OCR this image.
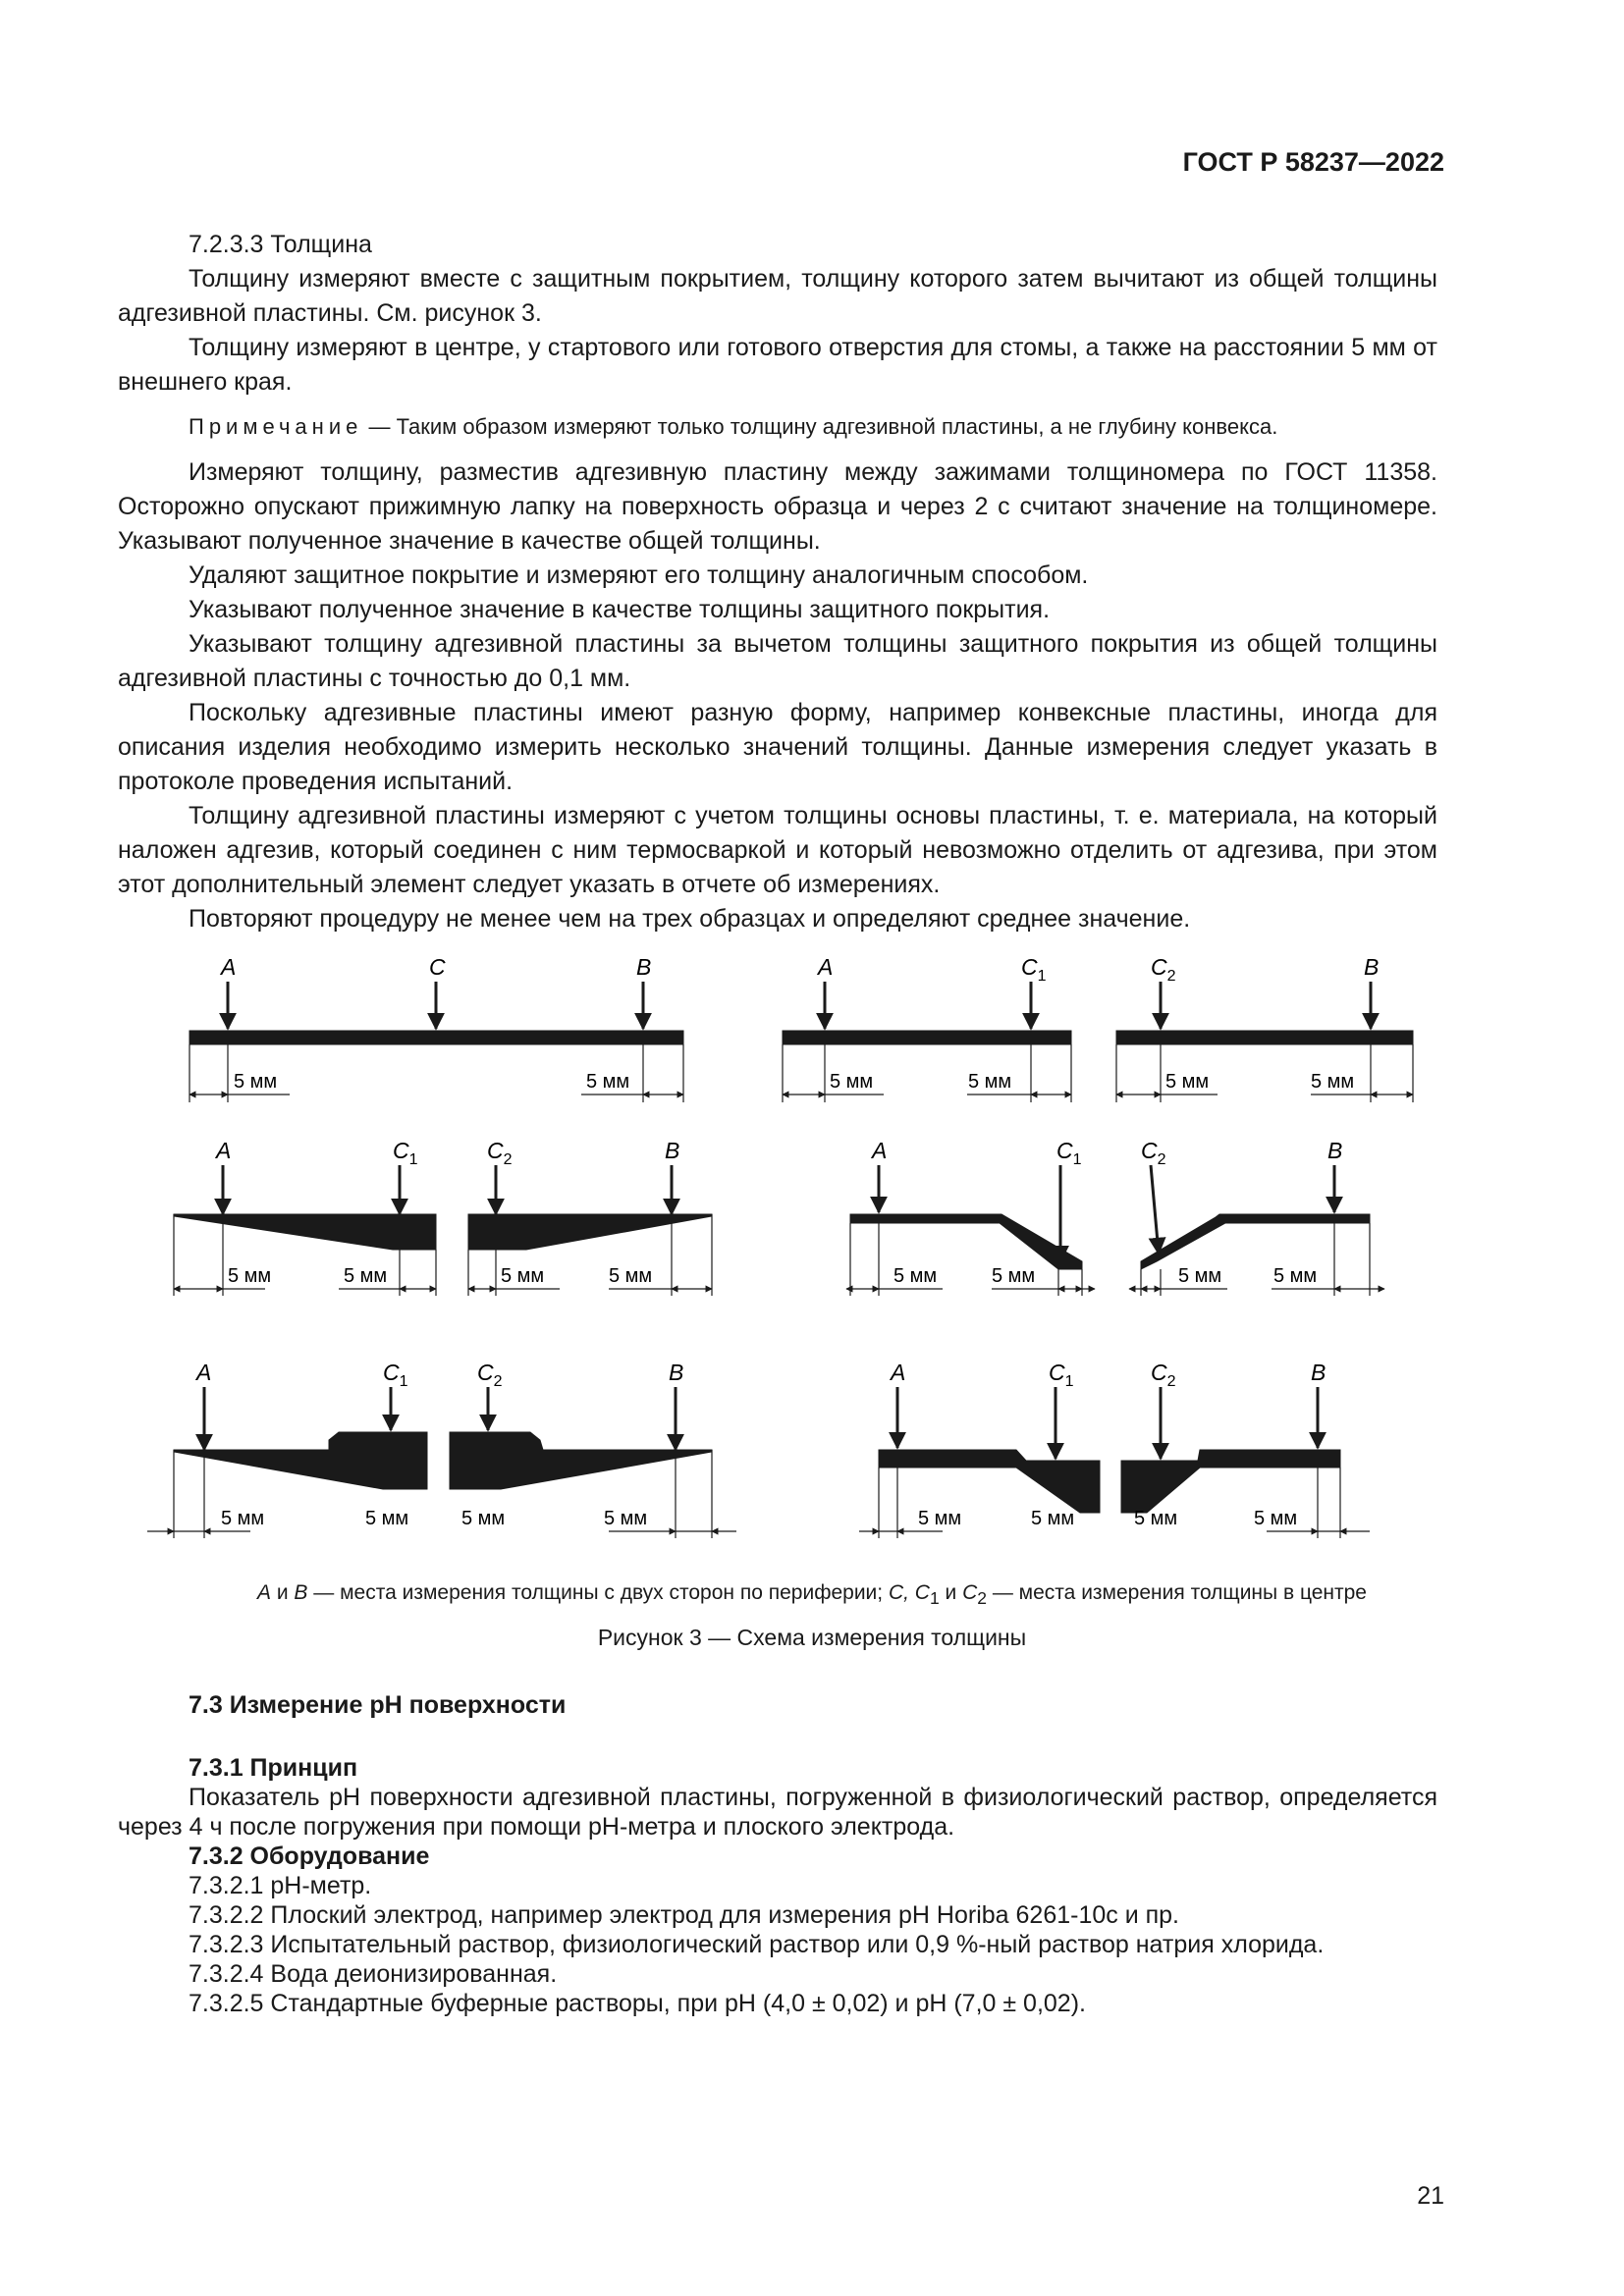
ГОСТ Р 58237—2022

7.2.3.3 Толщина

Толщину измеряют вместе с защитным покрытием, толщину которого затем вычитают из общей толщины адгезивной пластины. См. рисунок 3.

Толщину измеряют в центре, у стартового или готового отверстия для стомы, а также на расстоянии 5 мм от внешнего края.

Примечание — Таким образом измеряют только толщину адгезивной пластины, а не глубину конвекса.

Измеряют толщину, разместив адгезивную пластину между зажимами толщиномера по ГОСТ 11358. Осторожно опускают прижимную лапку на поверхность образца и через 2 с считают значение на толщиномере. Указывают полученное значение в качестве общей толщины.

Удаляют защитное покрытие и измеряют его толщину аналогичным способом.

Указывают полученное значение в качестве толщины защитного покрытия.

Указывают толщину адгезивной пластины за вычетом толщины защитного покрытия из общей толщины адгезивной пластины с точностью до 0,1 мм.

Поскольку адгезивные пластины имеют разную форму, например конвексные пластины, иногда для описания изделия необходимо измерить несколько значений толщины. Данные измерения следует указать в протоколе проведения испытаний.

Толщину адгезивной пластины измеряют с учетом толщины основы пластины, т. е. материала, на который наложен адгезив, который соединен с ним термосваркой и который невозможно отделить от адгезива, при этом этот дополнительный элемент следует указать в отчете об измерениях.

Повторяют процедуру не менее чем на трех образцах и определяют среднее значение.

A	C	B
5 мм	5 мм
A	$C_1$	$C_2$	B
5 мм	5 мм	5 мм	5 мм
A	$C_1$	$C_2$	B
5 мм	5 мм	5 мм	5 мм
A	$C_1$	$C_2$	B
5 мм	5 мм	5 мм	5 мм
A	$C_1$	$C_2$	B
5 мм	5 мм	5 мм	5 мм
A	$C_1$	$C_2$	B
5 мм	5 мм	5 мм	5 мм
A и B — места измерения толщины с двух сторон по периферии; C, $C_1$ и $C_2$ — места измерения толщины в центре
Рисунок 3 — Схема измерения толщины

7.3 Измерение pH поверхности

7.3.1 Принцип

Показатель pH поверхности адгезивной пластины, погруженной в физиологический раствор, определяется через 4 ч после погружения при помощи pH-метра и плоского электрода.

7.3.2 Оборудование

7.3.2.1 pH-метр.

7.3.2.2 Плоский электрод, например электрод для измерения pH Horiba 6261-10c и пр.

7.3.2.3 Испытательный раствор, физиологический раствор или 0,9 %-ный раствор натрия хлорида.

7.3.2.4 Вода деионизированная.

7.3.2.5 Стандартные буферные растворы, при pH (4,0 ± 0,02) и pH (7,0 ± 0,02).

21
